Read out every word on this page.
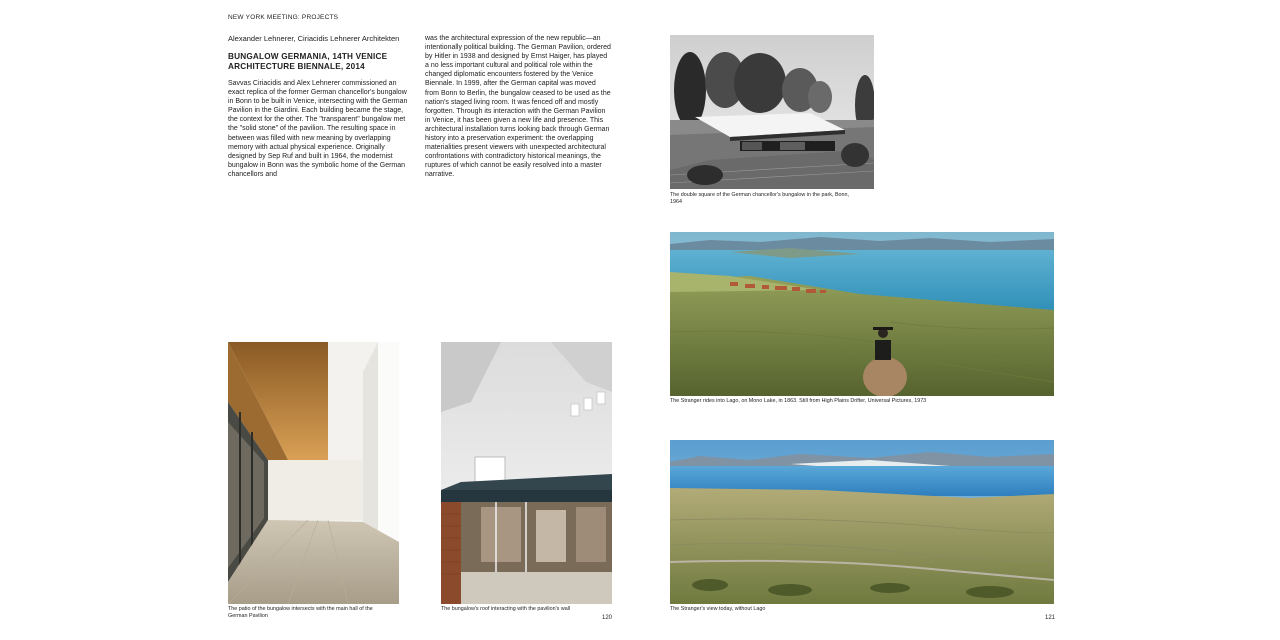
NEW YORK MEETING: PROJECTS
Alexander Lehnerer, Ciriacidis Lehnerer Architekten
BUNGALOW GERMANIA, 14TH VENICE ARCHITECTURE BIENNALE, 2014
Savvas Ciriacidis and Alex Lehnerer commissioned an exact replica of the former German chancellor's bungalow in Bonn to be built in Venice, intersecting with the German Pavilion in the Giardini. Each building became the stage, the context for the other. The "transparent" bungalow met the "solid stone" of the pavilion. The resulting space in between was filled with new meaning by overlapping memory with actual physical experience. Originally designed by Sep Ruf and built in 1964, the modernist bungalow in Bonn was the symbolic home of the German chancellors and
was the architectural expression of the new republic—an intentionally political building. The German Pavilion, ordered by Hitler in 1938 and designed by Ernst Haiger, has played a no less important cultural and political role within the changed diplomatic encounters fostered by the Venice Biennale. In 1999, after the German capital was moved from Bonn to Berlin, the bungalow ceased to be used as the nation's staged living room. It was fenced off and mostly forgotten. Through its interaction with the German Pavilion in Venice, it has been given a new life and presence. This architectural installation turns looking back through German history into a preservation experiment: the overlapping materialities present viewers with unexpected architectural confrontations with contradictory historical meanings, the ruptures of which cannot be easily resolved into a master narrative.
The patio of the bungalow intersects with the main hall of the German Pavilion
The bungalow's roof interacting with the pavilion's wall
120
The double square of the German chancellor's bungalow in the park, Bonn, 1964
The Stranger rides into Lago, on Mono Lake, in 1863. Still from High Plains Drifter, Universal Pictures, 1973
The Stranger's view today, without Lago
121
